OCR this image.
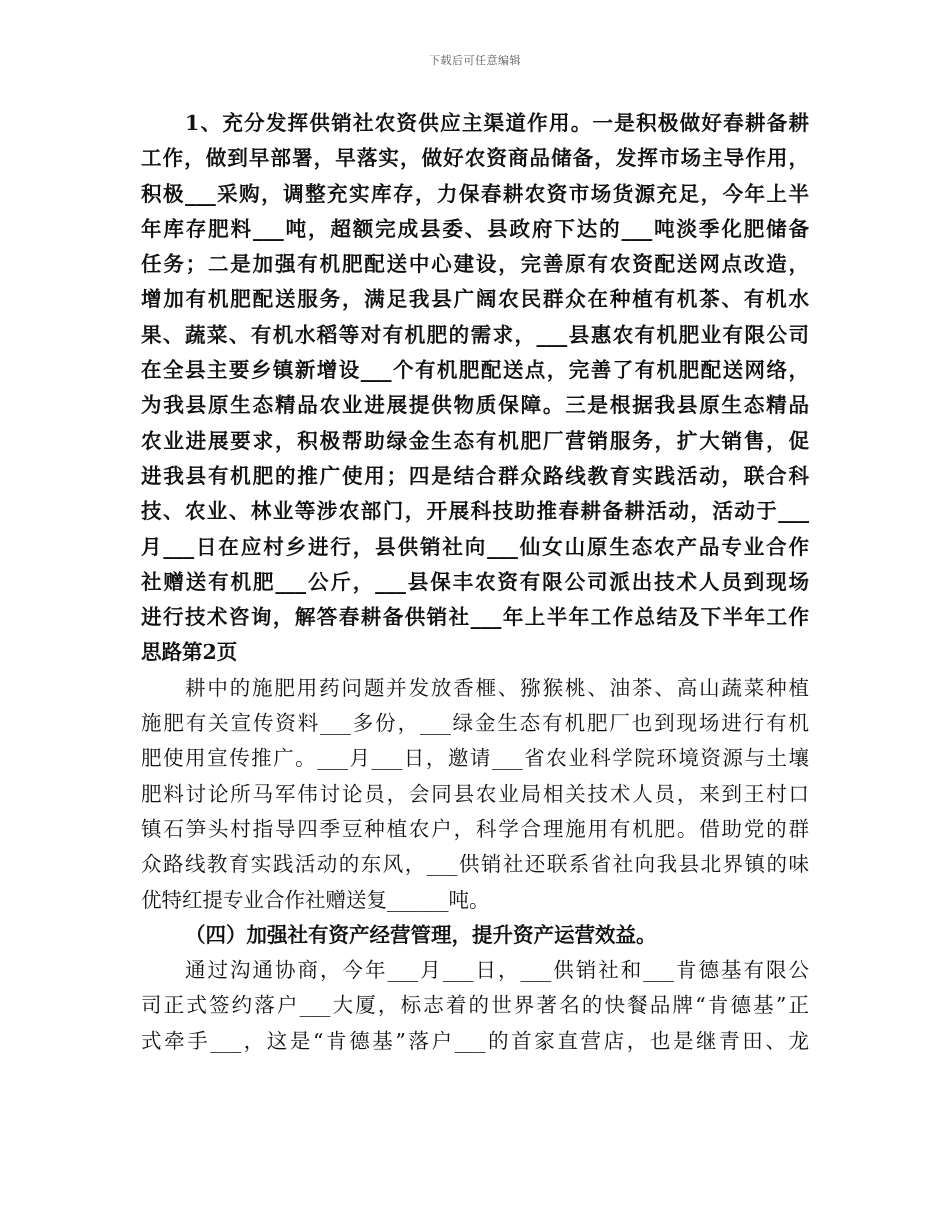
下载后可任意编辑
1、充分发挥供销社农资供应主渠道作用。一是积极做好春耕备耕
工作，做到早部署，早落实，做好农资商品储备，发挥市场主导作用，
积极___采购，调整充实库存，力保春耕农资市场货源充足，今年上半
年库存肥料___吨，超额完成县委、县政府下达的___吨淡季化肥储备
任务；二是加强有机肥配送中心建设，完善原有农资配送网点改造，
增加有机肥配送服务，满足我县广阔农民群众在种植有机茶、有机水
果、蔬菜、有机水稻等对有机肥的需求，___县惠农有机肥业有限公司
在全县主要乡镇新增设___个有机肥配送点，完善了有机肥配送网络，
为我县原生态精品农业进展提供物质保障。三是根据我县原生态精品
农业进展要求，积极帮助绿金生态有机肥厂营销服务，扩大销售，促
进我县有机肥的推广使用；四是结合群众路线教育实践活动，联合科
技、农业、林业等涉农部门，开展科技助推春耕备耕活动，活动于___
月___日在应村乡进行，县供销社向___仙女山原生态农产品专业合作
社赠送有机肥___公斤，___县保丰农资有限公司派出技术人员到现场
进行技术咨询，解答春耕备供销社___年上半年工作总结及下半年工作
思路第2页
耕中的施肥用药问题并发放香榧、猕猴桃、油茶、高山蔬菜种植
施肥有关宣传资料___多份，___绿金生态有机肥厂也到现场进行有机
肥使用宣传推广。___月___日，邀请___省农业科学院环境资源与土壤
肥料讨论所马军伟讨论员，会同县农业局相关技术人员，来到王村口
镇石笋头村指导四季豆种植农户，科学合理施用有机肥。借助党的群
众路线教育实践活动的东风，___供销社还联系省社向我县北界镇的味
优特红提专业合作社赠送复______吨。
（四）加强社有资产经营管理，提升资产运营效益。
通过沟通协商，今年___月___日，___供销社和___肯德基有限公
司正式签约落户___大厦，标志着的世界著名的快餐品牌“肯德基”正
式牵手___，这是“肯德基”落户___的首家直营店，也是继青田、龙
